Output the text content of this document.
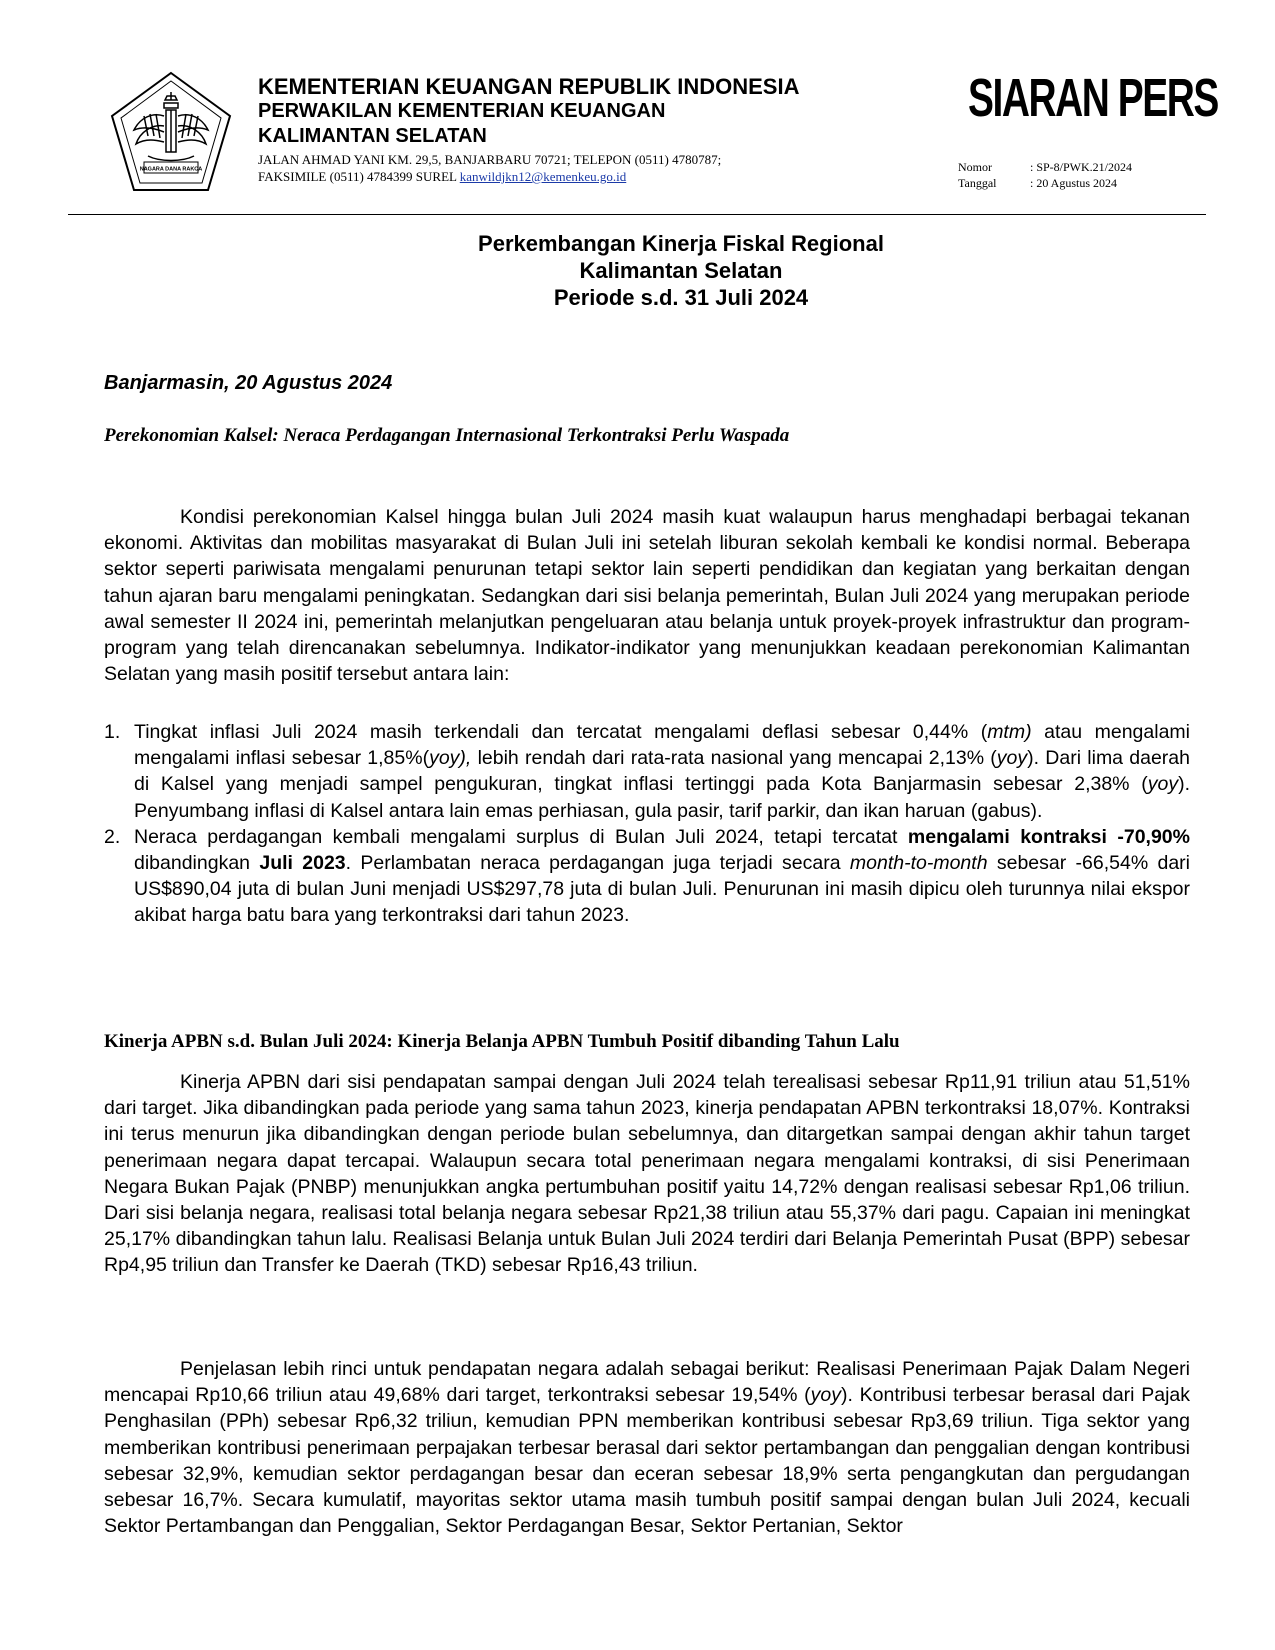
NAGARA DANA RAKCA
KEMENTERIAN KEUANGAN REPUBLIK INDONESIA
PERWAKILAN KEMENTERIAN KEUANGAN
KALIMANTAN SELATAN
JALAN AHMAD YANI KM. 29,5, BANJARBARU 70721; TELEPON (0511) 4780787;
FAKSIMILE (0511) 4784399 SUREL kanwildjkn12@kemenkeu.go.id
SIARAN PERS
Nomor	: SP-8/PWK.21/2024
Tanggal	: 20 Agustus 2024
Perkembangan Kinerja Fiskal Regional
Kalimantan Selatan
Periode s.d. 31 Juli 2024
Banjarmasin, 20 Agustus 2024
Perekonomian Kalsel: Neraca Perdagangan Internasional Terkontraksi Perlu Waspada
Kondisi perekonomian Kalsel hingga bulan Juli 2024 masih kuat walaupun harus menghadapi berbagai tekanan ekonomi. Aktivitas dan mobilitas masyarakat di Bulan Juli ini setelah liburan sekolah kembali ke kondisi normal. Beberapa sektor seperti pariwisata mengalami penurunan tetapi sektor lain seperti pendidikan dan kegiatan yang berkaitan dengan tahun ajaran baru mengalami peningkatan. Sedangkan dari sisi belanja pemerintah, Bulan Juli 2024 yang merupakan periode awal semester II 2024 ini, pemerintah melanjutkan pengeluaran atau belanja untuk proyek-proyek infrastruktur dan program-program yang telah direncanakan sebelumnya. Indikator-indikator yang menunjukkan keadaan perekonomian Kalimantan Selatan yang masih positif tersebut antara lain:
1. Tingkat inflasi Juli 2024 masih terkendali dan tercatat mengalami deflasi sebesar 0,44% (mtm) atau mengalami mengalami inflasi sebesar 1,85%(yoy), lebih rendah dari rata-rata nasional yang mencapai 2,13% (yoy). Dari lima daerah di Kalsel yang menjadi sampel pengukuran, tingkat inflasi tertinggi pada Kota Banjarmasin sebesar 2,38% (yoy). Penyumbang inflasi di Kalsel antara lain emas perhiasan, gula pasir, tarif parkir, dan ikan haruan (gabus).
2. Neraca perdagangan kembali mengalami surplus di Bulan Juli 2024, tetapi tercatat mengalami kontraksi -70,90% dibandingkan Juli 2023. Perlambatan neraca perdagangan juga terjadi secara month-to-month sebesar -66,54% dari US$890,04 juta di bulan Juni menjadi US$297,78 juta di bulan Juli. Penurunan ini masih dipicu oleh turunnya nilai ekspor akibat harga batu bara yang terkontraksi dari tahun 2023.
Kinerja APBN s.d. Bulan Juli 2024: Kinerja Belanja APBN Tumbuh Positif dibanding Tahun Lalu
Kinerja APBN dari sisi pendapatan sampai dengan Juli 2024 telah terealisasi sebesar Rp11,91 triliun atau 51,51% dari target. Jika dibandingkan pada periode yang sama tahun 2023, kinerja pendapatan APBN terkontraksi 18,07%. Kontraksi ini terus menurun jika dibandingkan dengan periode bulan sebelumnya, dan ditargetkan sampai dengan akhir tahun target penerimaan negara dapat tercapai. Walaupun secara total penerimaan negara mengalami kontraksi, di sisi Penerimaan Negara Bukan Pajak (PNBP) menunjukkan angka pertumbuhan positif yaitu 14,72% dengan realisasi sebesar Rp1,06 triliun. Dari sisi belanja negara, realisasi total belanja negara sebesar Rp21,38 triliun atau 55,37% dari pagu. Capaian ini meningkat 25,17% dibandingkan tahun lalu. Realisasi Belanja untuk Bulan Juli 2024 terdiri dari Belanja Pemerintah Pusat (BPP) sebesar Rp4,95 triliun dan Transfer ke Daerah (TKD) sebesar Rp16,43 triliun.
Penjelasan lebih rinci untuk pendapatan negara adalah sebagai berikut: Realisasi Penerimaan Pajak Dalam Negeri mencapai Rp10,66 triliun atau 49,68% dari target, terkontraksi sebesar 19,54% (yoy). Kontribusi terbesar berasal dari Pajak Penghasilan (PPh) sebesar Rp6,32 triliun, kemudian PPN memberikan kontribusi sebesar Rp3,69 triliun. Tiga sektor yang memberikan kontribusi penerimaan perpajakan terbesar berasal dari sektor pertambangan dan penggalian dengan kontribusi sebesar 32,9%, kemudian sektor perdagangan besar dan eceran sebesar 18,9% serta pengangkutan dan pergudangan sebesar 16,7%. Secara kumulatif, mayoritas sektor utama masih tumbuh positif sampai dengan bulan Juli 2024, kecuali Sektor Pertambangan dan Penggalian, Sektor Perdagangan Besar, Sektor Pertanian, Sektor
